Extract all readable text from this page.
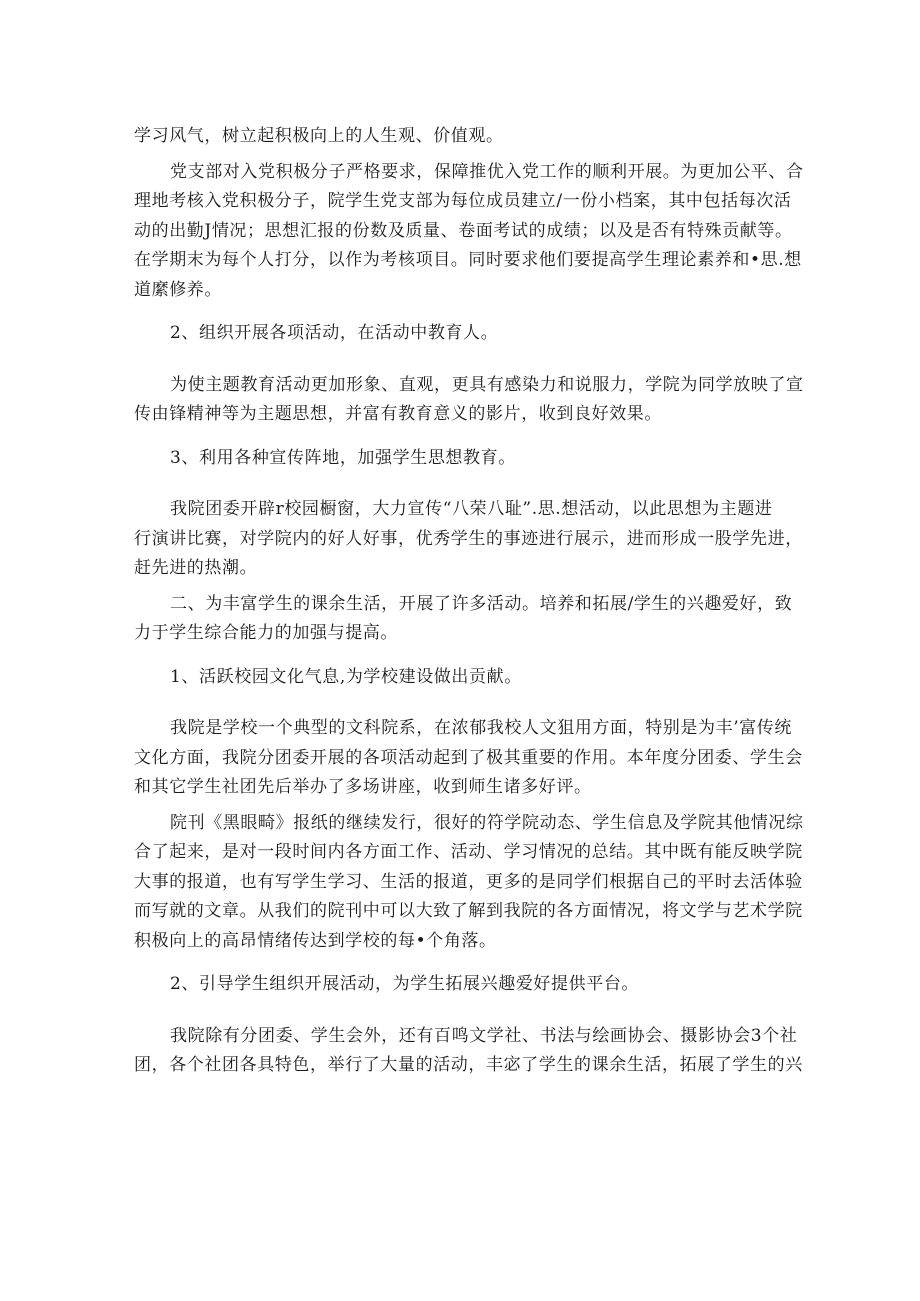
学习风气，树立起积极向上的人生观、价值观。

党支部对入党积极分子严格要求，保障推优入党工作的顺利开展。为更加公平、合
理地考核入党积极分子，院学生党支部为每位成员建立/一份小档案，其中包括每次活
动的出勤J情况；思想汇报的份数及质量、卷面考试的成绩；以及是否有特殊贡献等。
在学期末为每个人打分，以作为考核项目。同时要求他们要提高学生理论素养和•思.想
道縻修养。

2、组织开展各项活动，在活动中教育人。

为使主题教育活动更加形象、直观，更具有感染力和说服力，学院为同学放映了宣
传由锋精神等为主题思想，并富有教育意义的影片，收到良好效果。

3、利用各种宣传阵地，加强学生思想教育。

我院团委开辟r校园橱窗，大力宣传“八荣八耻”.思.想活动，以此思想为主题进
行演讲比赛，对学院内的好人好事，优秀学生的事迹进行展示，进而形成一股学先进，
赶先进的热潮。

二、为丰富学生的课余生活，开展了许多活动。培养和拓展/学生的兴趣爱好，致
力于学生综合能力的加强与提高。

1、活跃校园文化气息,为学校建设做出贡献。

我院是学校一个典型的文科院系，在浓郁我校人文狙用方面，特别是为丰’富传统
文化方面，我院分团委开展的各项活动起到了极其重要的作用。本年度分团委、学生会
和其它学生社团先后举办了多场讲座，收到师生诸多好评。

院刊《黑眼畸》报纸的继续发行，很好的符学院动态、学生信息及学院其他情况综
合了起来，是对一段时间内各方面工作、活动、学习情况的总结。其中既有能反映学院
大事的报道，也有写学生学习、生活的报道，更多的是同学们根据自己的平时去活体验
而写就的文章。从我们的院刊中可以大致了解到我院的各方面情况，将文学与艺术学院
积极向上的高昂情绪传达到学校的每•个角落。

2、引导学生组织开展活动，为学生拓展兴趣爱好提供平台。

我院除有分团委、学生会外，还有百鸣文学社、书法与绘画协会、摄影协会3个社
团，各个社团各具特色，举行了大量的活动，丰宓了学生的课余生活，拓展了学生的兴
